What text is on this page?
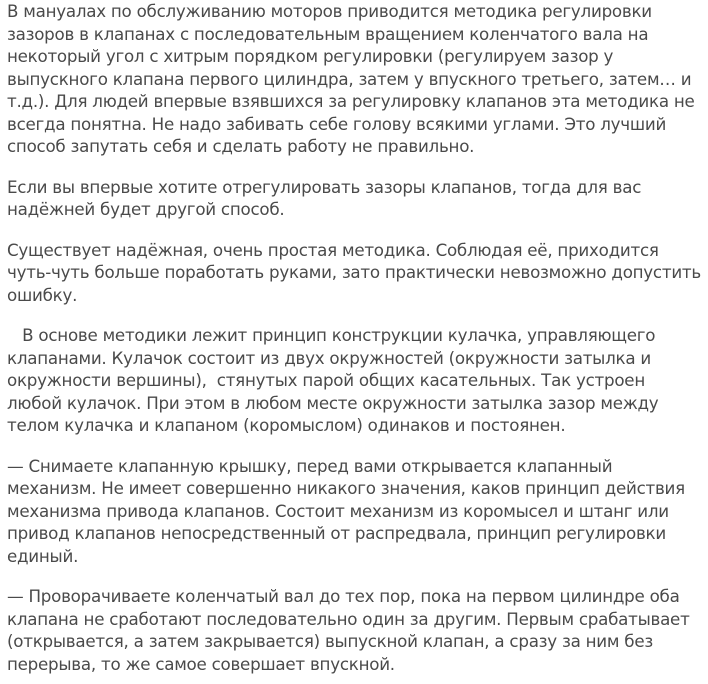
В мануалах по обслуживанию моторов приводится методика регулировки зазоров в клапанах с последовательным вращением коленчатого вала на некоторый угол с хитрым порядком регулировки (регулируем зазор у выпускного клапана первого цилиндра, затем у впускного третьего, затем… и т.д.). Для людей впервые взявшихся за регулировку клапанов эта методика не всегда понятна. Не надо забивать себе голову всякими углами. Это лучший способ запутать себя и сделать работу не правильно.

Если вы впервые хотите отрегулировать зазоры клапанов, тогда для вас надёжней будет другой способ.

Существует надёжная, очень простая методика. Соблюдая её, приходится чуть-чуть больше поработать руками, зато практически невозможно допустить ошибку.

В основе методики лежит принцип конструкции кулачка, управляющего клапанами. Кулачок состоит из двух окружностей (окружности затылка и окружности вершины),  стянутых парой общих касательных. Так устроен любой кулачок. При этом в любом месте окружности затылка зазор между телом кулачка и клапаном (коромыслом) одинаков и постоянен.

— Снимаете клапанную крышку, перед вами открывается клапанный механизм. Не имеет совершенно никакого значения, каков принцип действия механизма привода клапанов. Состоит механизм из коромысел и штанг или привод клапанов непосредственный от распредвала, принцип регулировки единый.

— Проворачиваете коленчатый вал до тех пор, пока на первом цилиндре оба клапана не сработают последовательно один за другим. Первым срабатывает (открывается, а затем закрывается) выпускной клапан, а сразу за ним без перерыва, то же самое совершает впускной.
